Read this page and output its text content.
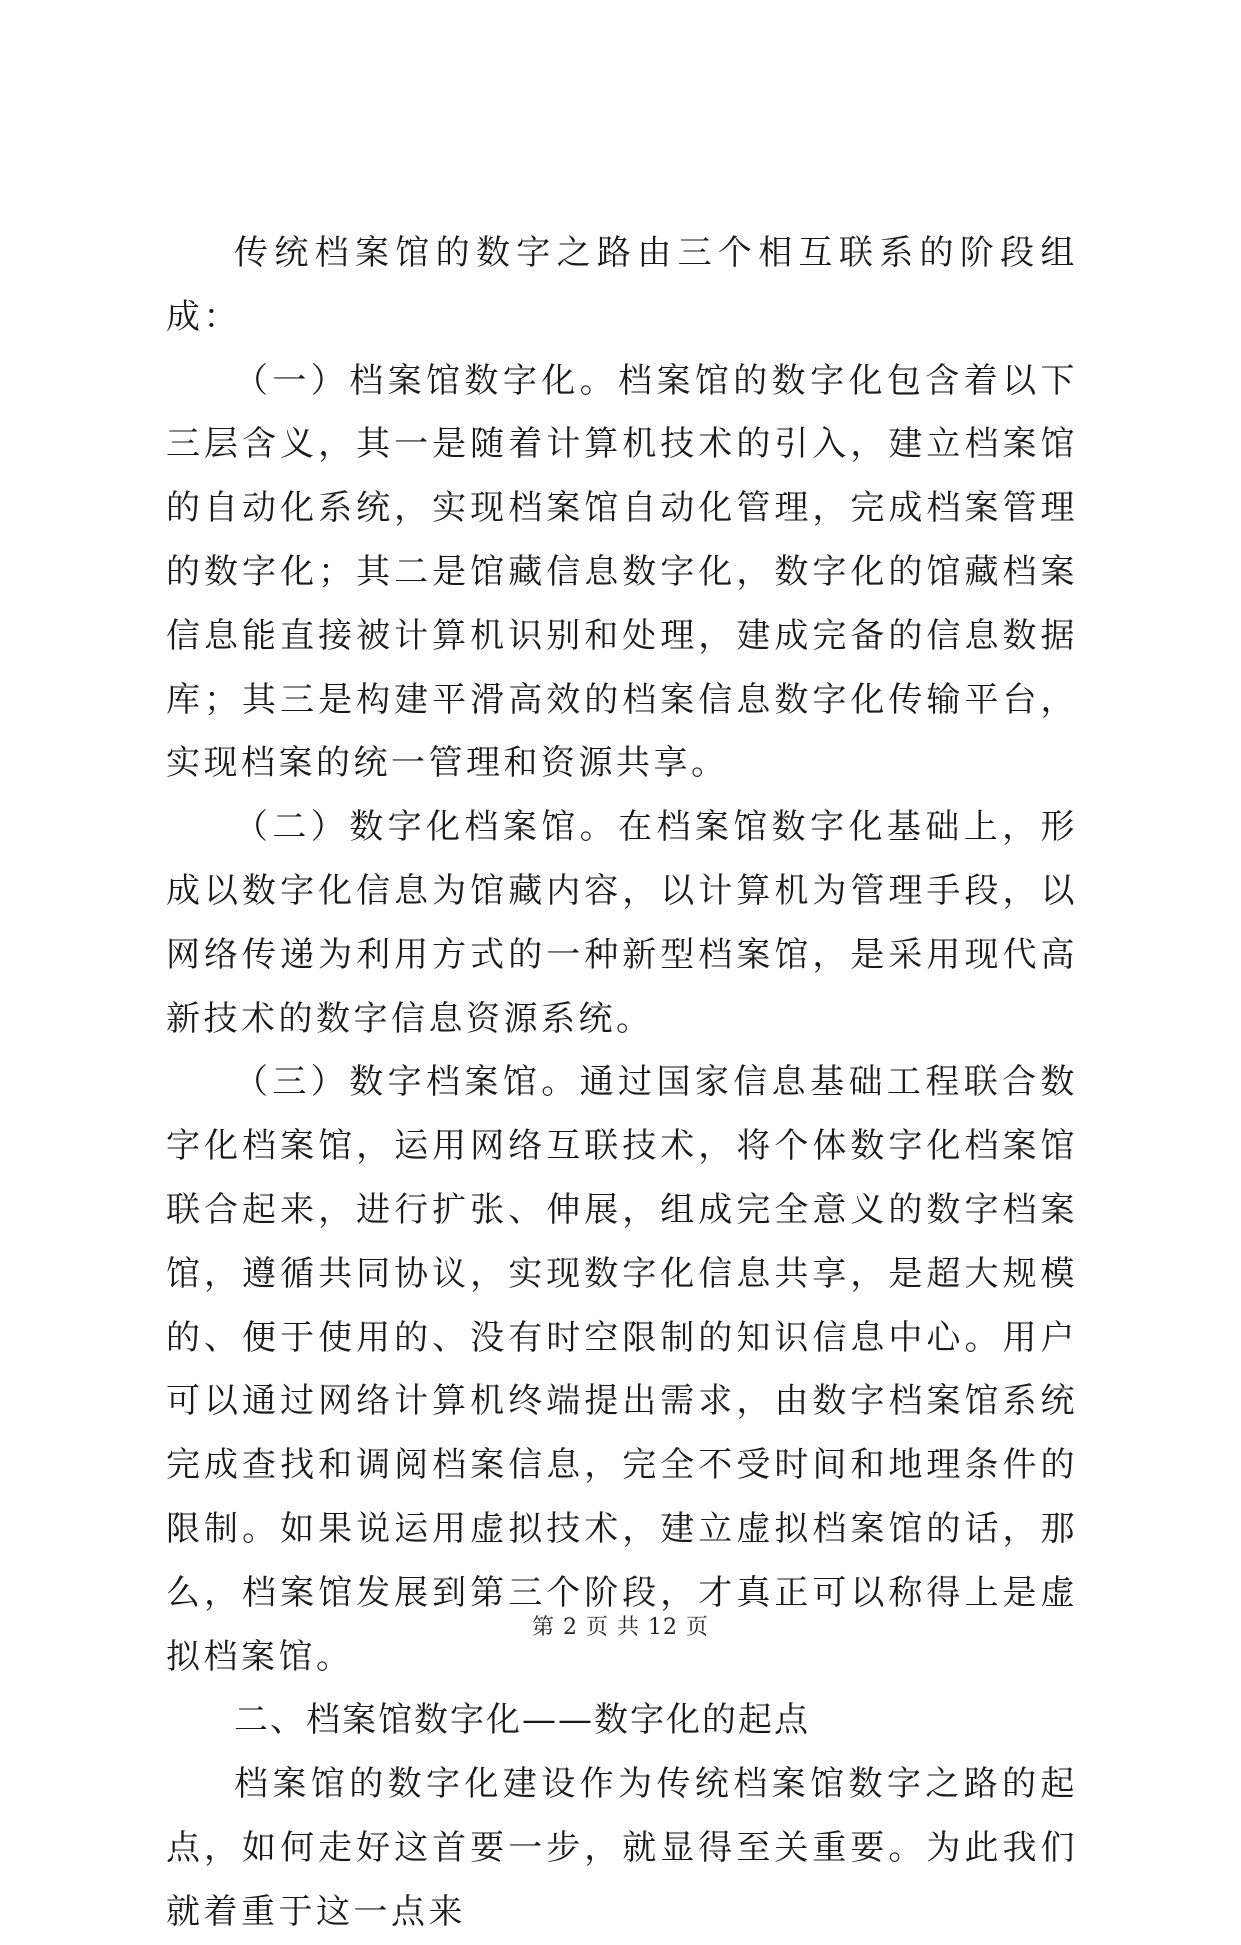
传统档案馆的数字之路由三个相互联系的阶段组成：

（一）档案馆数字化。档案馆的数字化包含着以下三层含义，其一是随着计算机技术的引入，建立档案馆的自动化系统，实现档案馆自动化管理，完成档案管理的数字化；其二是馆藏信息数字化，数字化的馆藏档案信息能直接被计算机识别和处理，建成完备的信息数据库；其三是构建平滑高效的档案信息数字化传输平台，实现档案的统一管理和资源共享。

（二）数字化档案馆。在档案馆数字化基础上，形成以数字化信息为馆藏内容，以计算机为管理手段，以网络传递为利用方式的一种新型档案馆，是采用现代高新技术的数字信息资源系统。

（三）数字档案馆。通过国家信息基础工程联合数字化档案馆，运用网络互联技术，将个体数字化档案馆联合起来，进行扩张、伸展，组成完全意义的数字档案馆，遵循共同协议，实现数字化信息共享，是超大规模的、便于使用的、没有时空限制的知识信息中心。用户可以通过网络计算机终端提出需求，由数字档案馆系统完成查找和调阅档案信息，完全不受时间和地理条件的限制。如果说运用虚拟技术，建立虚拟档案馆的话，那么，档案馆发展到第三个阶段，才真正可以称得上是虚拟档案馆。

二、档案馆数字化——数字化的起点

档案馆的数字化建设作为传统档案馆数字之路的起点，如何走好这首要一步，就显得至关重要。为此我们就着重于这一点来

第 2 页 共 12 页
